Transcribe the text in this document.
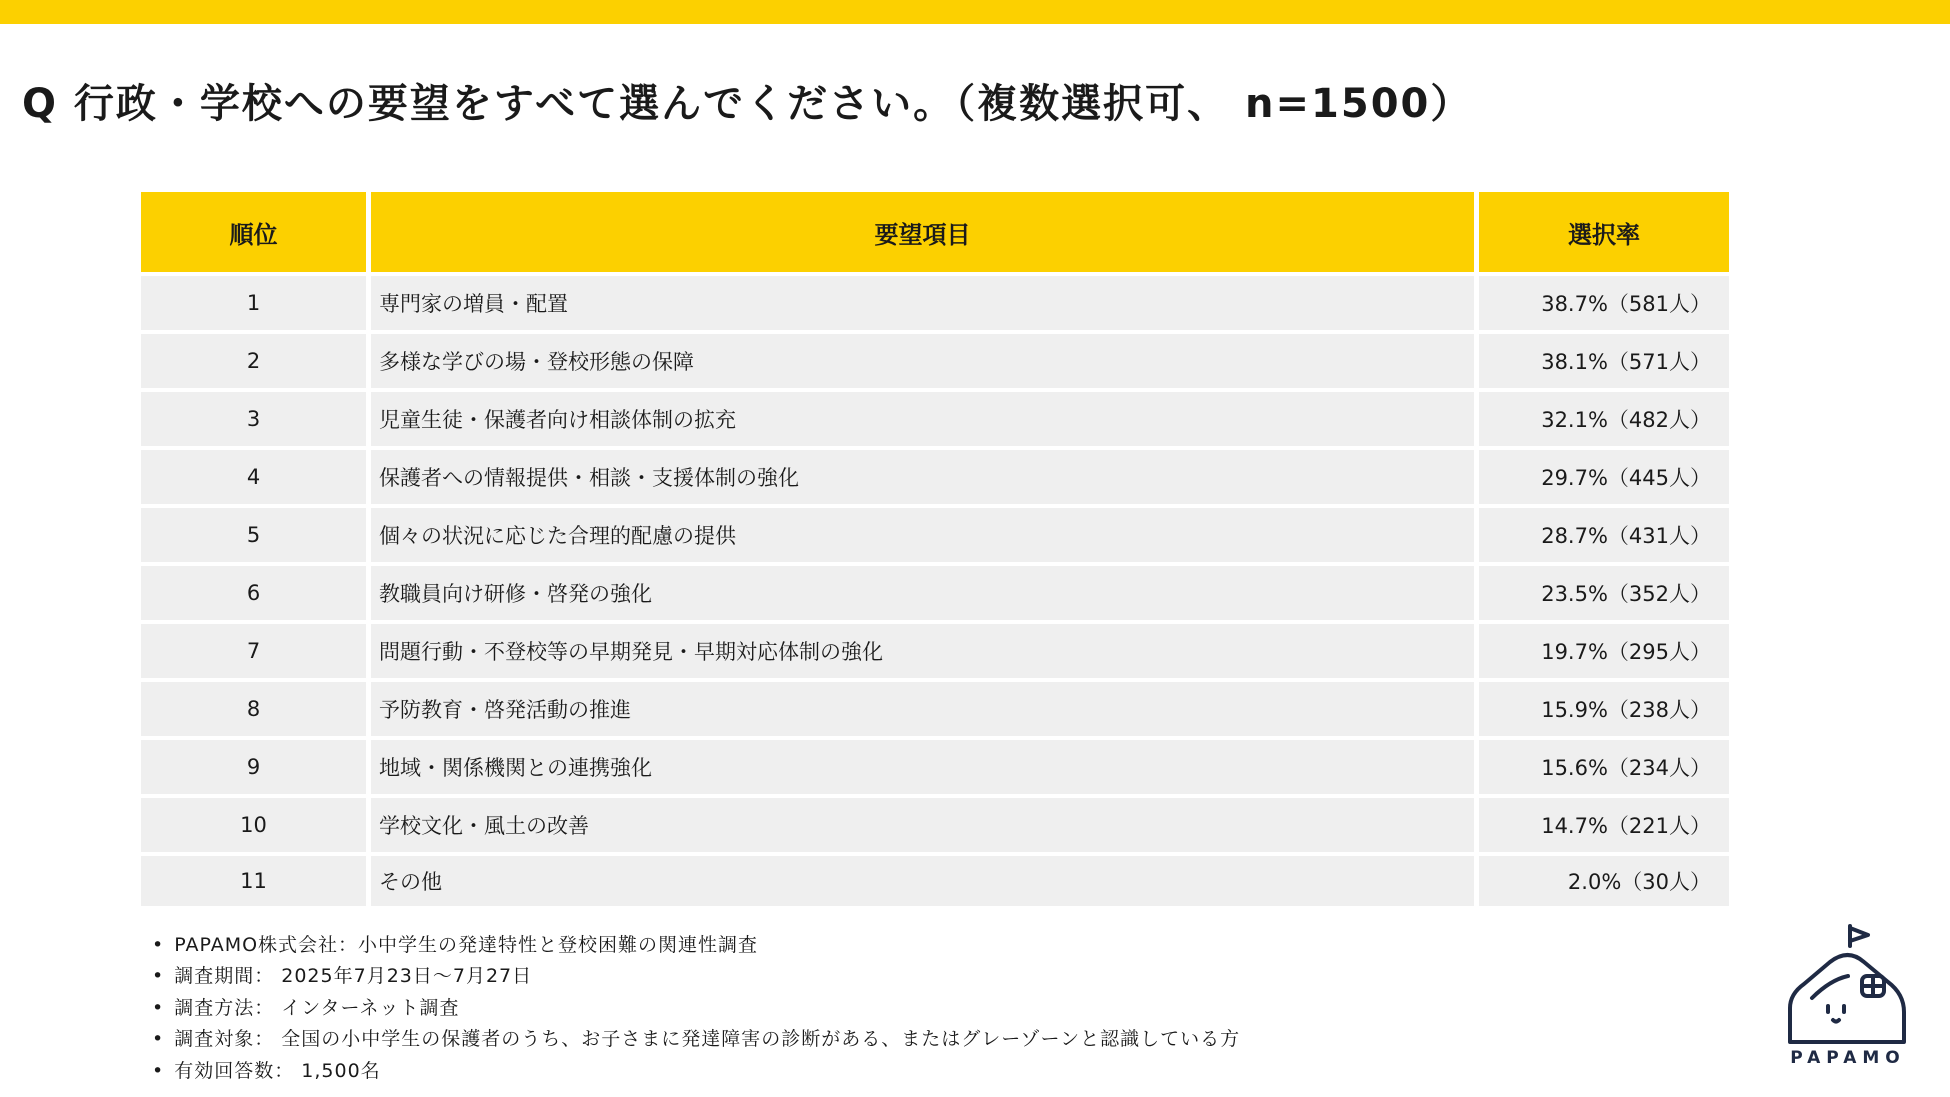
Q 行政・学校への要望をすべて選んでください。（複数選択可、 n=1500）
順位	要望項目	選択率
1	専門家の増員・配置	38.7%（581人）
2	多様な学びの場・登校形態の保障	38.1%（571人）
3	児童生徒・保護者向け相談体制の拡充	32.1%（482人）
4	保護者への情報提供・相談・支援体制の強化	29.7%（445人）
5	個々の状況に応じた合理的配慮の提供	28.7%（431人）
6	教職員向け研修・啓発の強化	23.5%（352人）
7	問題行動・不登校等の早期発見・早期対応体制の強化	19.7%（295人）
8	予防教育・啓発活動の推進	15.9%（238人）
9	地域・関係機関との連携強化	15.6%（234人）
10	学校文化・風土の改善	14.7%（221人）
11	その他	2.0%（30人）
• PAPAMO株式会社：小中学生の発達特性と登校困難の関連性調査
• 調査期間： 2025年7月23日～7月27日
• 調査方法： インターネット調査
• 調査対象： 全国の小中学生の保護者のうち、お子さまに発達障害の診断がある、またはグレーゾーンと認識している方
• 有効回答数： 1,500名
PAPAMO
